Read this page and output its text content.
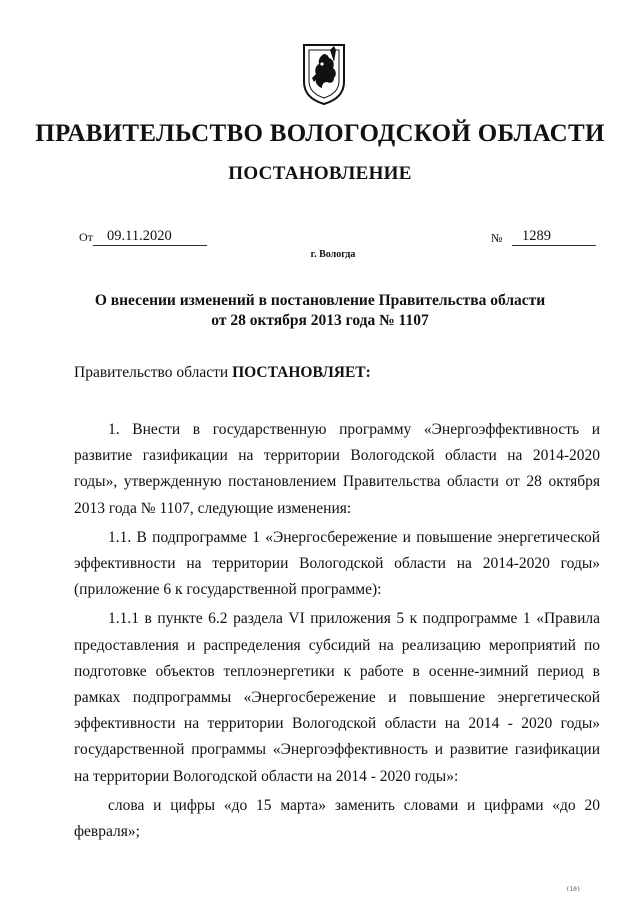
ПРАВИТЕЛЬСТВО ВОЛОГОДСКОЙ ОБЛАСТИ
ПОСТАНОВЛЕНИЕ
От 09.11.2020	№	1289
г. Вологда
О внесении изменений в постановление Правительства области
от 28 октября 2013 года № 1107
Правительство области ПОСТАНОВЛЯЕТ:

1. Внести в государственную программу «Энергоэффективность и развитие газификации на территории Вологодской области на 2014-2020 годы», утвержденную постановлением Правительства области от 28 октября 2013 года № 1107, следующие изменения:

1.1. В подпрограмме 1 «Энергосбережение и повышение энергетической эффективности на территории Вологодской области на 2014-2020 годы» (приложение 6 к государственной программе):

1.1.1 в пункте 6.2 раздела VI приложения 5 к подпрограмме 1 «Правила предоставления и распределения субсидий на реализацию мероприятий по подготовке объектов теплоэнергетики к работе в осенне-зимний период в рамках подпрограммы «Энергосбережение и повышение энергетической эффективности на территории Вологодской области на 2014 - 2020 годы» государственной программы «Энергоэффективность и развитие газификации на территории Вологодской области на 2014 - 2020 годы»:

слова и цифры «до 15 марта» заменить словами и цифрами «до 20 февраля»;

(10)
